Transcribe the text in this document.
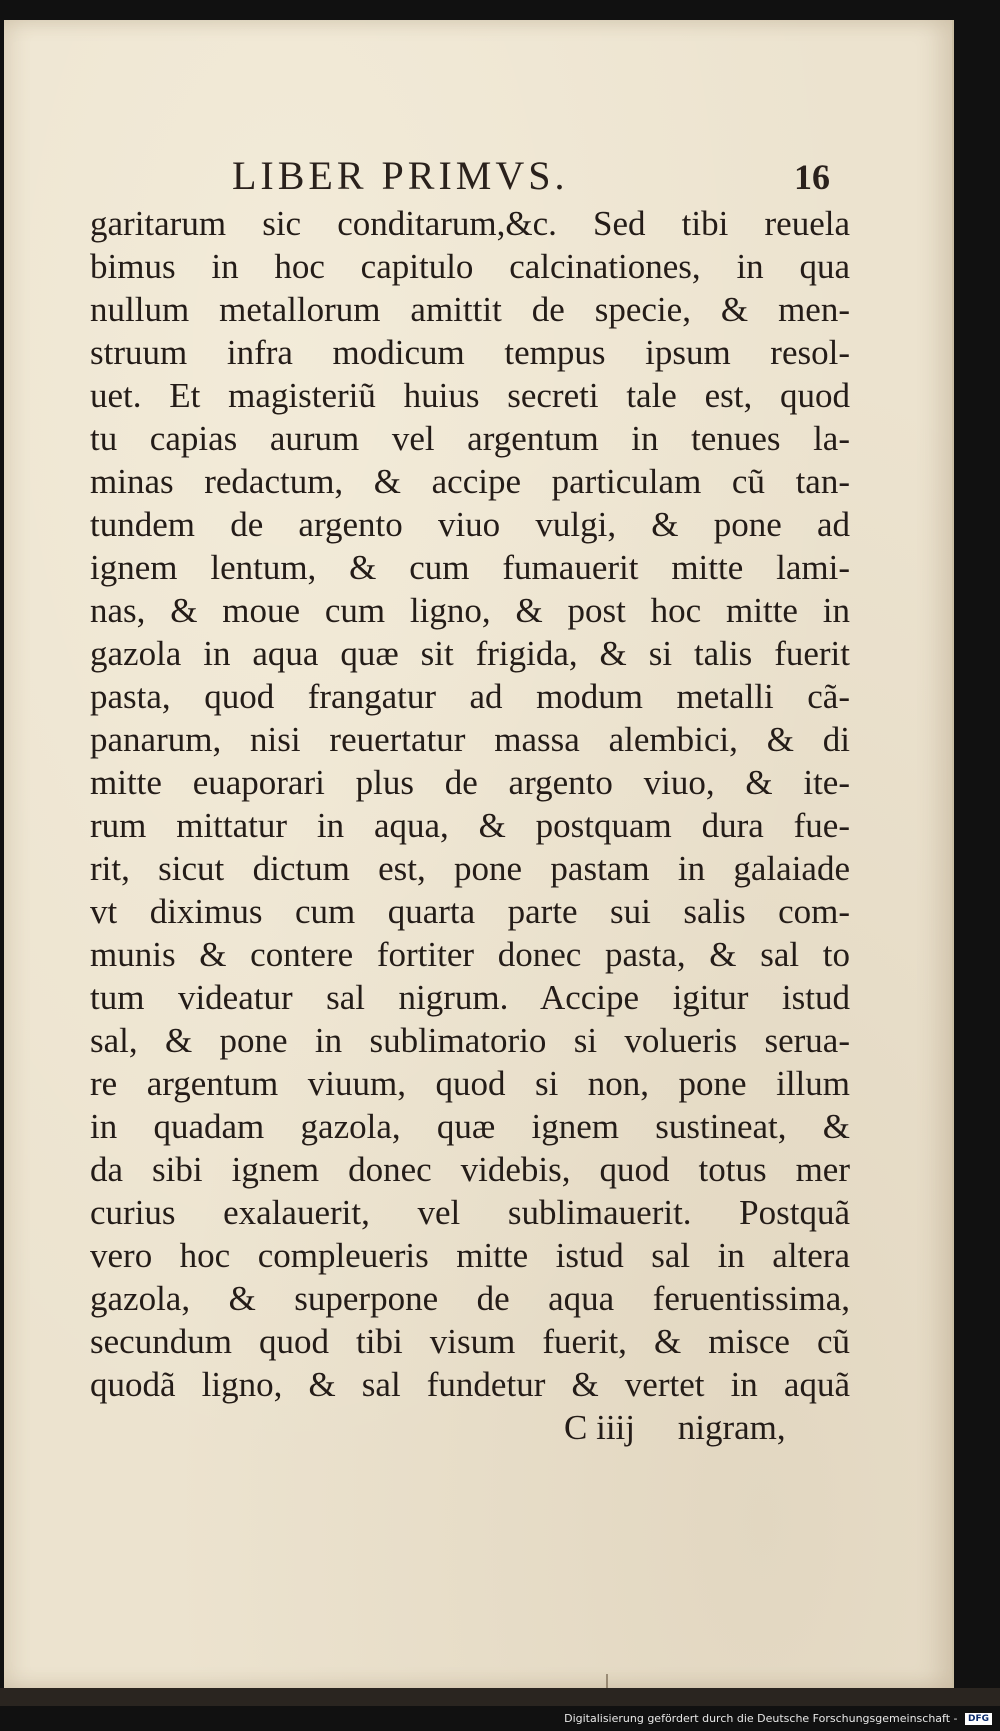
LIBER PRIMVS.	16
garitarum sic conditarum,&c. Sed tibi reuela
bimus in hoc capitulo calcinationes, in qua
nullum metallorum amittit de specie, & men-
struum infra modicum tempus ipsum resol-
uet. Et magisteriũ huius secreti tale est, quod
tu capias aurum vel argentum in tenues la-
minas redactum, & accipe particulam cũ tan-
tundem de argento viuo vulgi, & pone ad
ignem lentum, & cum fumauerit mitte lami-
nas, & moue cum ligno, & post hoc mitte in
gazola in aqua quæ sit frigida, & si talis fuerit
pasta, quod frangatur ad modum metalli cã-
panarum, nisi reuertatur massa alembici, & di
mitte euaporari plus de argento viuo, & ite-
rum mittatur in aqua, & postquam dura fue-
rit, sicut dictum est, pone pastam in galaiade
vt diximus cum quarta parte sui salis com-
munis & contere fortiter donec pasta, & sal to
tum videatur sal nigrum. Accipe igitur istud
sal, & pone in sublimatorio si volueris serua-
re argentum viuum, quod si non, pone illum
in quadam gazola, quæ ignem sustineat, &
da sibi ignem donec videbis, quod totus mer
curius exalauerit, vel sublimauerit. Postquã
vero hoc compleueris mitte istud sal in altera
gazola, & superpone de aqua feruentissima,
secundum quod tibi visum fuerit, & misce cũ
quodã ligno, & sal fundetur & vertet in aquã
C iiij nigram,
Digitalisierung gefördert durch die Deutsche Forschungsgemeinschaft - DFG
